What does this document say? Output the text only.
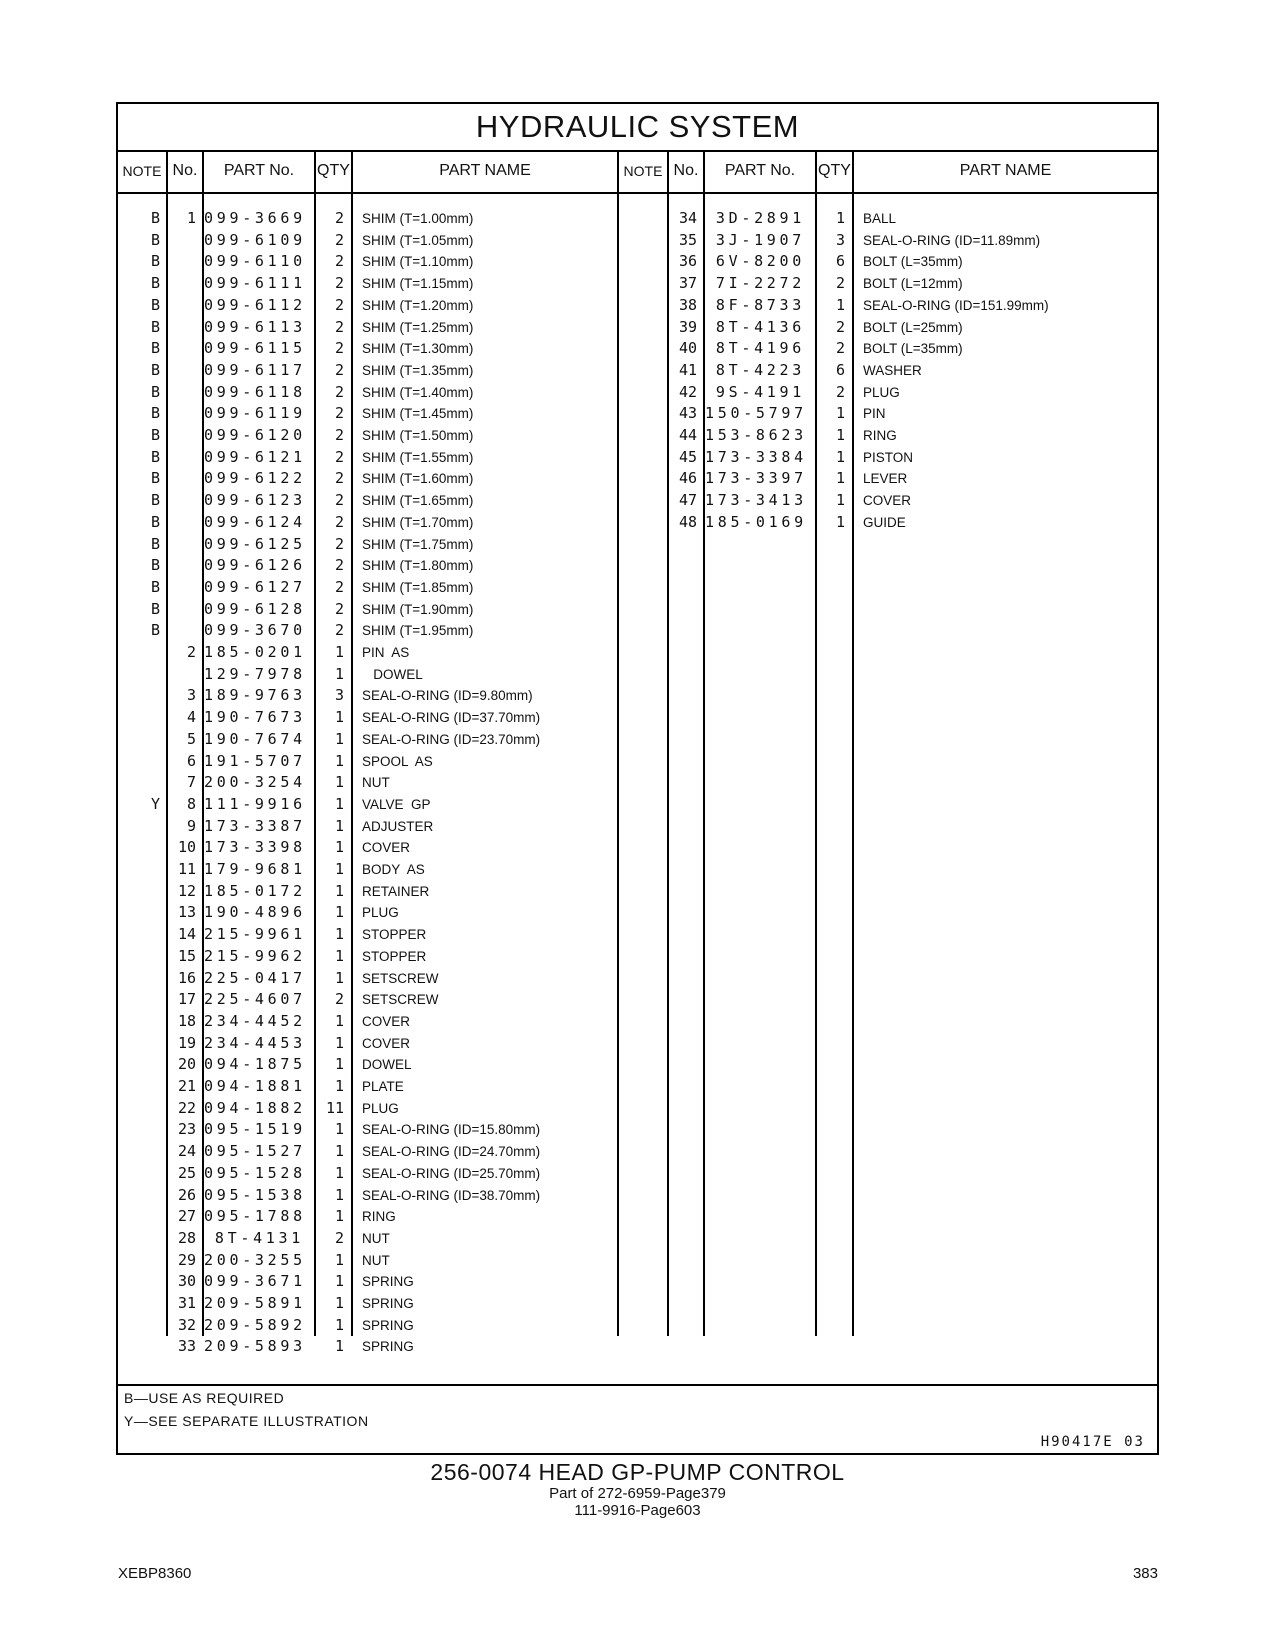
HYDRAULIC SYSTEM
NOTE No.	PART No.	QTY	PART NAME	NOTE No.	PART No.	QTY	PART NAME
B	1 099-3669	2 SHIM (T=1.00mm)
B	099-6109	2 SHIM (T=1.05mm)
B	099-6110	2 SHIM (T=1.10mm)
B	099-6111	2 SHIM (T=1.15mm)
B	099-6112	2 SHIM (T=1.20mm)
B	099-6113	2 SHIM (T=1.25mm)
B	099-6115	2 SHIM (T=1.30mm)
B	099-6117	2 SHIM (T=1.35mm)
B	099-6118	2 SHIM (T=1.40mm)
B	099-6119	2 SHIM (T=1.45mm)
B	099-6120	2 SHIM (T=1.50mm)
B	099-6121	2 SHIM (T=1.55mm)
B	099-6122	2 SHIM (T=1.60mm)
B	099-6123	2 SHIM (T=1.65mm)
B	099-6124	2 SHIM (T=1.70mm)
B	099-6125	2 SHIM (T=1.75mm)
B	099-6126	2 SHIM (T=1.80mm)
B	099-6127	2 SHIM (T=1.85mm)
B	099-6128	2 SHIM (T=1.90mm)
B	099-3670	2 SHIM (T=1.95mm)
2 185-0201	1 PIN  AS
129-7978	1 DOWEL
3 189-9763	3 SEAL-O-RING (ID=9.80mm)
4 190-7673	1 SEAL-O-RING (ID=37.70mm)
5 190-7674	1 SEAL-O-RING (ID=23.70mm)
6 191-5707	1 SPOOL  AS
7 200-3254	1 NUT
Y	8 111-9916	1 VALVE  GP
9 173-3387	1 ADJUSTER
10 173-3398	1 COVER
11 179-9681	1 BODY  AS
12 185-0172	1 RETAINER
13 190-4896	1 PLUG
14 215-9961	1 STOPPER
15 215-9962	1 STOPPER
16 225-0417	1 SETSCREW
17 225-4607	2 SETSCREW
18 234-4452	1 COVER
19 234-4453	1 COVER
20 094-1875	1 DOWEL
21 094-1881	1 PLATE
22 094-1882	11 PLUG
23 095-1519	1 SEAL-O-RING (ID=15.80mm)
24 095-1527	1 SEAL-O-RING (ID=24.70mm)
25 095-1528	1 SEAL-O-RING (ID=25.70mm)
26 095-1538	1 SEAL-O-RING (ID=38.70mm)
27 095-1788	1 RING
28	8T-4131	2 NUT
29 200-3255	1 NUT
30 099-3671	1 SPRING
31 209-5891	1 SPRING
32 209-5892	1 SPRING
33 209-5893	1 SPRING
34	3D-2891	1 BALL
35	3J-1907	3 SEAL-O-RING (ID=11.89mm)
36	6V-8200	6 BOLT (L=35mm)
37	7I-2272	2 BOLT (L=12mm)
38	8F-8733	1 SEAL-O-RING (ID=151.99mm)
39	8T-4136	2 BOLT (L=25mm)
40	8T-4196	2 BOLT (L=35mm)
41	8T-4223	6 WASHER
42	9S-4191	2 PLUG
43 150-5797	1 PIN
44 153-8623	1 RING
45 173-3384	1 PISTON
46 173-3397	1 LEVER
47 173-3413	1 COVER
48 185-0169	1 GUIDE
B—USE AS REQUIRED
Y—SEE SEPARATE ILLUSTRATION
H90417E 03
256-0074 HEAD GP-PUMP CONTROL
Part of 272-6959-Page379
111-9916-Page603
XEBP8360	383
